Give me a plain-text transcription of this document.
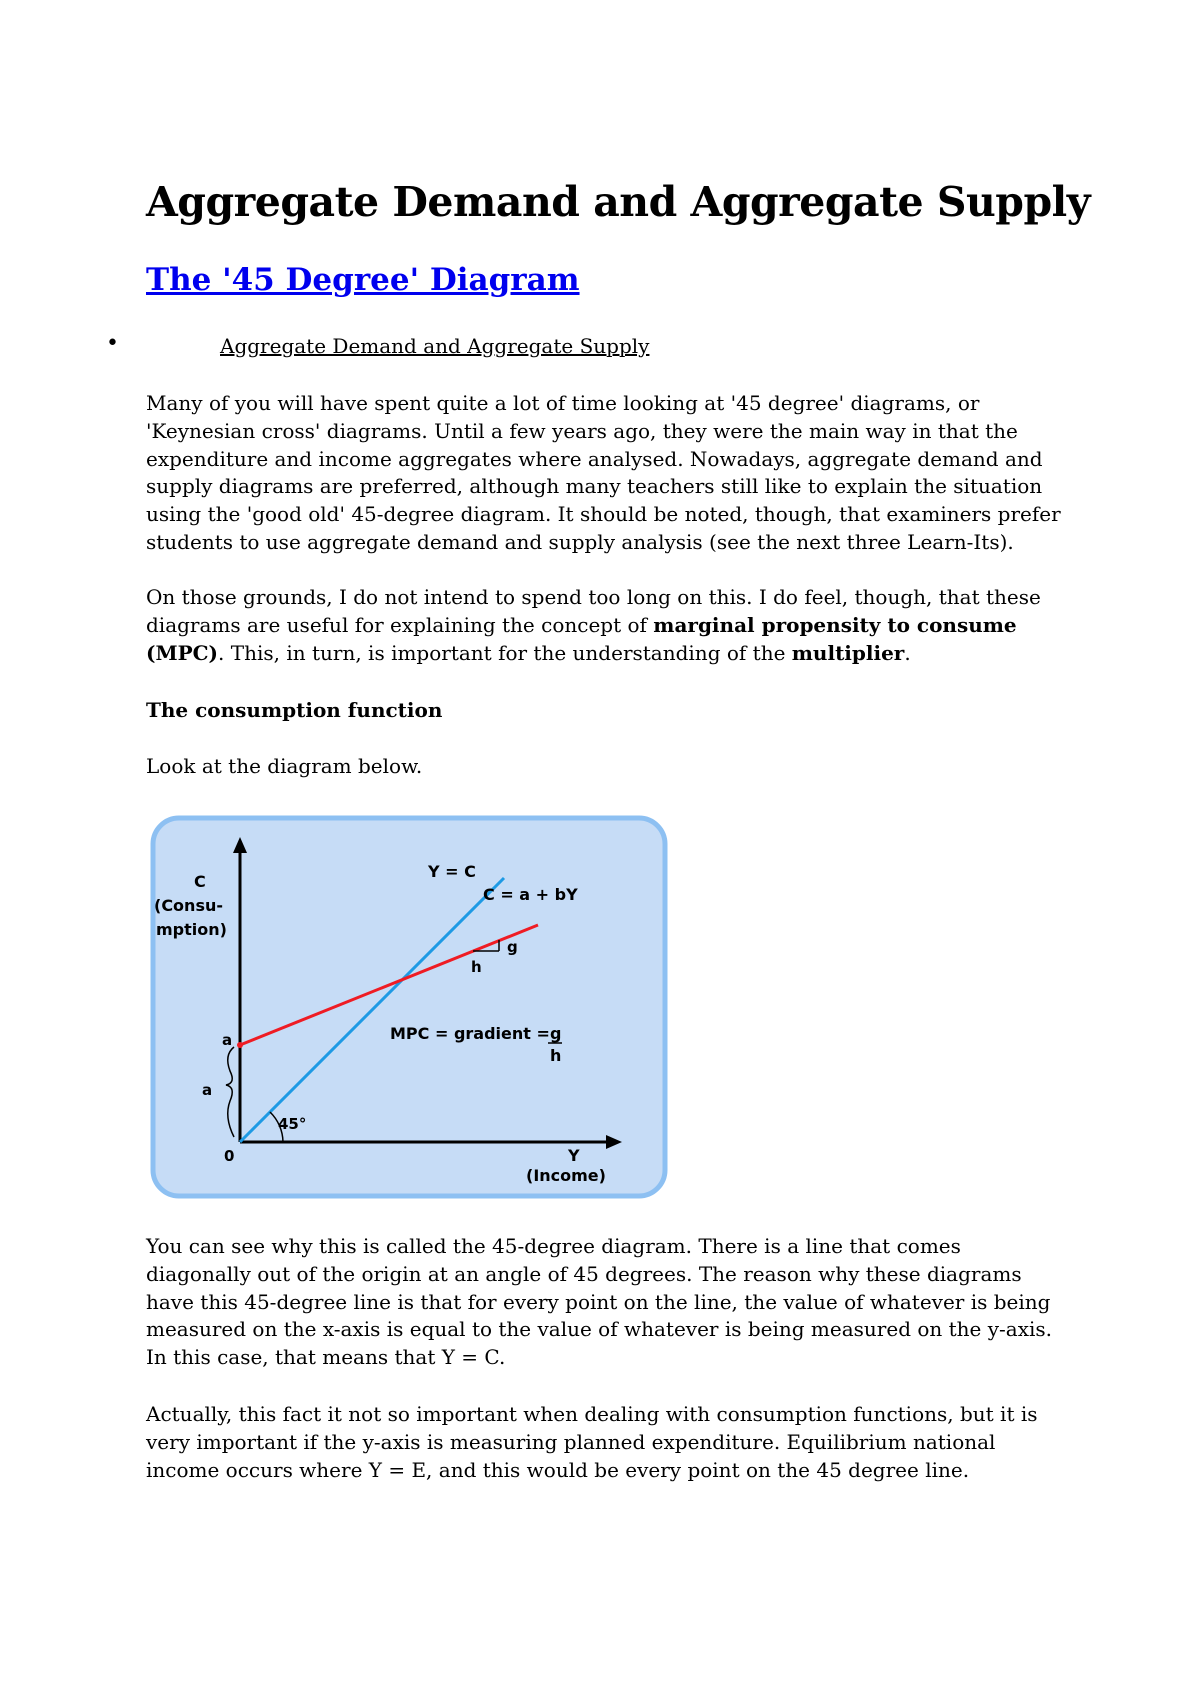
Aggregate Demand and Aggregate Supply
The '45 Degree' Diagram
•	Aggregate Demand and Aggregate Supply

Many of you will have spent quite a lot of time looking at '45 degree' diagrams, or 'Keynesian cross' diagrams. Until a few years ago, they were the main way in that the expenditure and income aggregates where analysed. Nowadays, aggregate demand and supply diagrams are preferred, although many teachers still like to explain the situation using the 'good old' 45-degree diagram. It should be noted, though, that examiners prefer students to use aggregate demand and supply analysis (see the next three Learn-Its).

On those grounds, I do not intend to spend too long on this. I do feel, though, that these diagrams are useful for explaining the concept of marginal propensity to consume (MPC). This, in turn, is important for the understanding of the multiplier.

The consumption function

Look at the diagram below.

C
(Consu-
mption)
Y = C
C = a + bY
g
h
MPC = gradient = g
h
a
a
0
45°
Y
(Income)

You can see why this is called the 45-degree diagram. There is a line that comes diagonally out of the origin at an angle of 45 degrees. The reason why these diagrams have this 45-degree line is that for every point on the line, the value of whatever is being measured on the x-axis is equal to the value of whatever is being measured on the y-axis. In this case, that means that Y = C.

Actually, this fact it not so important when dealing with consumption functions, but it is very important if the y-axis is measuring planned expenditure. Equilibrium national income occurs where Y = E, and this would be every point on the 45 degree line.
